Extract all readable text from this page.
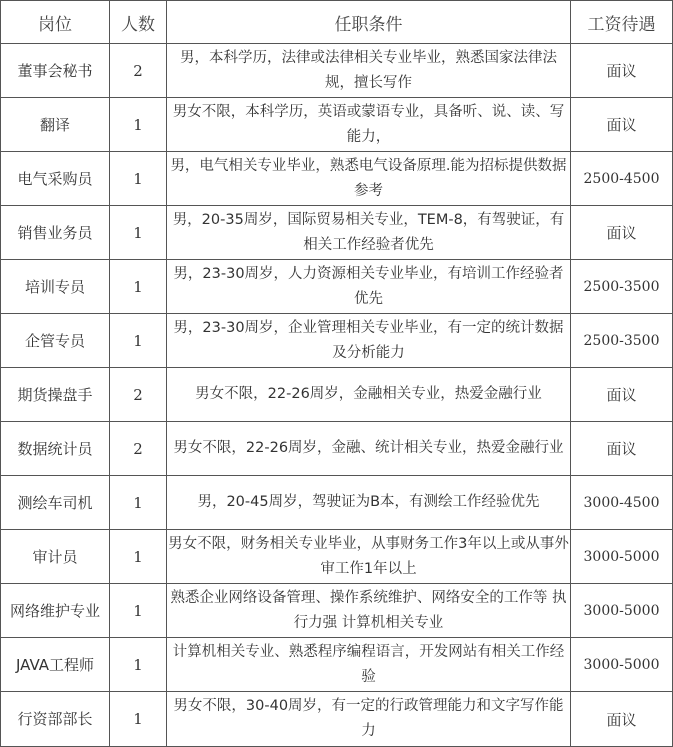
岗位	人数	任职条件	工资待遇
董事会秘书	2	男，本科学历，法律或法律相关专业毕业，熟悉国家法律法规，擅长写作	面议
翻译	1	男女不限，本科学历，英语或蒙语专业，具备听、说、读、写能力，	面议
电气采购员	1	男，电气相关专业毕业，熟悉电气设备原理.能为招标提供数据参考	2500-4500
销售业务员	1	男，20-35周岁，国际贸易相关专业，TEM-8，有驾驶证，有相关工作经验者优先	面议
培训专员	1	男，23-30周岁，人力资源相关专业毕业，有培训工作经验者优先	2500-3500
企管专员	1	男，23-30周岁，企业管理相关专业毕业，有一定的统计数据及分析能力	2500-3500
期货操盘手	2	男女不限，22-26周岁，金融相关专业，热爱金融行业	面议
数据统计员	2	男女不限，22-26周岁，金融、统计相关专业，热爱金融行业	面议
测绘车司机	1	男，20-45周岁，驾驶证为B本，有测绘工作经验优先	3000-4500
审计员	1	男女不限，财务相关专业毕业，从事财务工作3年以上或从事外审工作1年以上	3000-5000
网络维护专业	1	熟悉企业网络设备管理、操作系统维护、网络安全的工作等 执行力强 计算机相关专业	3000-5000
JAVA工程师	1	计算机相关专业、熟悉程序编程语言，开发网站有相关工作经验	3000-5000
行资部部长	1	男女不限，30-40周岁，有一定的行政管理能力和文字写作能力	面议
